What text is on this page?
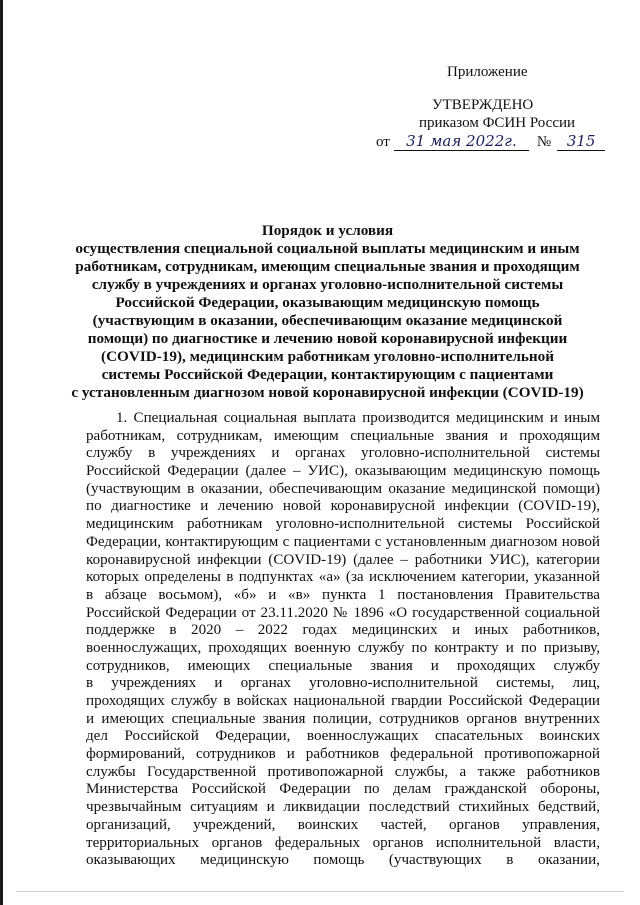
Приложение
УТВЕРЖДЕНО
приказом ФСИН России
от	31 мая 2022г.	№	315
Порядок и условия
осуществления специальной социальной выплаты медицинским и иным
работникам, сотрудникам, имеющим специальные звания и проходящим
службу в учреждениях и органах уголовно-исполнительной системы
Российской Федерации, оказывающим медицинскую помощь
(участвующим в оказании, обеспечивающим оказание медицинской
помощи) по диагностике и лечению новой коронавирусной инфекции
(COVID-19), медицинским работникам уголовно-исполнительной
системы Российской Федерации, контактирующим с пациентами
с установленным диагнозом новой коронавирусной инфекции (COVID-19)
1. Специальная социальная выплата производится медицинским и иным
работникам, сотрудникам, имеющим специальные звания и проходящим
службу в учреждениях и органах уголовно-исполнительной системы
Российской Федерации (далее – УИС), оказывающим медицинскую помощь
(участвующим в оказании, обеспечивающим оказание медицинской помощи)
по диагностике и лечению новой коронавирусной инфекции (COVID-19),
медицинским работникам уголовно-исполнительной системы Российской
Федерации, контактирующим с пациентами с установленным диагнозом новой
коронавирусной инфекции (COVID-19) (далее – работники УИС), категории
которых определены в подпунктах «а» (за исключением категории, указанной
в абзаце восьмом), «б» и «в» пункта 1 постановления Правительства
Российской Федерации от 23.11.2020 № 1896 «О государственной социальной
поддержке в 2020 – 2022 годах медицинских и иных работников,
военнослужащих, проходящих военную службу по контракту и по призыву,
сотрудников, имеющих специальные звания и проходящих службу
в учреждениях и органах уголовно-исполнительной системы, лиц,
проходящих службу в войсках национальной гвардии Российской Федерации
и имеющих специальные звания полиции, сотрудников органов внутренних
дел Российской Федерации, военнослужащих спасательных воинских
формирований, сотрудников и работников федеральной противопожарной
службы Государственной противопожарной службы, а также работников
Министерства Российской Федерации по делам гражданской обороны,
чрезвычайным ситуациям и ликвидации последствий стихийных бедствий,
организаций, учреждений, воинских частей, органов управления,
территориальных органов федеральных органов исполнительной власти,
оказывающих медицинскую помощь (участвующих в оказании,
